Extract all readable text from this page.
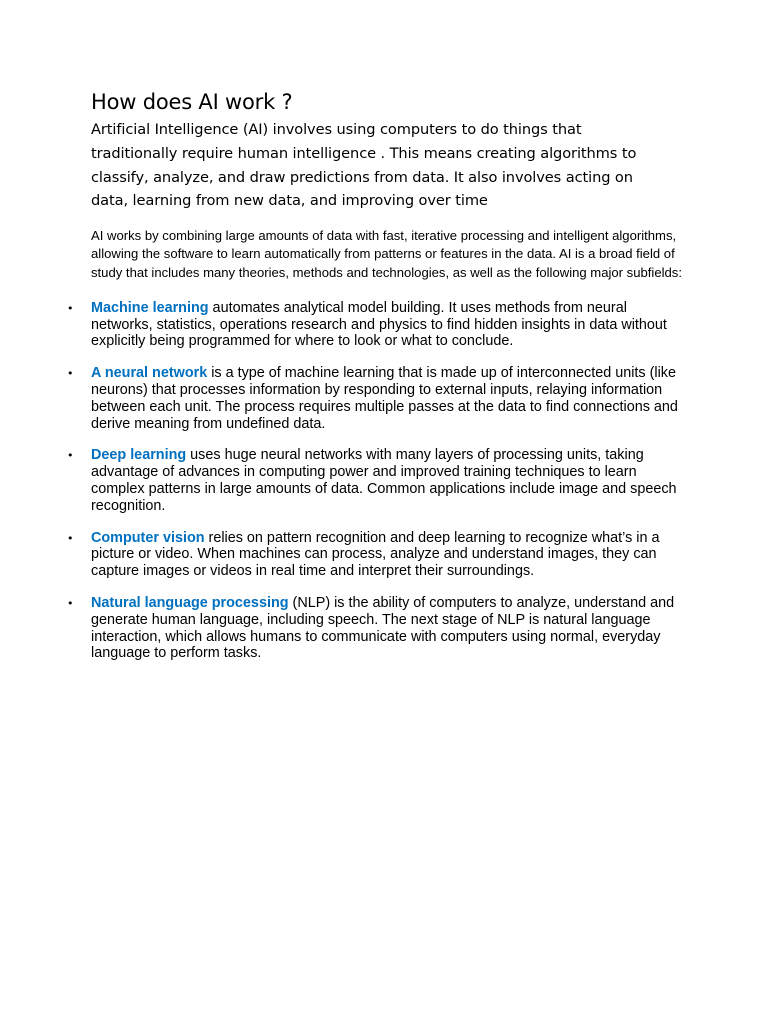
How does AI work ?

Artificial Intelligence (AI) involves using computers to do things that traditionally require human intelligence . This means creating algorithms to classify, analyze, and draw predictions from data. It also involves acting on data, learning from new data, and improving over time

AI works by combining large amounts of data with fast, iterative processing and intelligent algorithms, allowing the software to learn automatically from patterns or features in the data. AI is a broad field of study that includes many theories, methods and technologies, as well as the following major subfields:

• Machine learning automates analytical model building. It uses methods from neural networks, statistics, operations research and physics to find hidden insights in data without explicitly being programmed for where to look or what to conclude.
• A neural network is a type of machine learning that is made up of interconnected units (like neurons) that processes information by responding to external inputs, relaying information between each unit. The process requires multiple passes at the data to find connections and derive meaning from undefined data.
• Deep learning uses huge neural networks with many layers of processing units, taking advantage of advances in computing power and improved training techniques to learn complex patterns in large amounts of data. Common applications include image and speech recognition.
• Computer vision relies on pattern recognition and deep learning to recognize what’s in a picture or video. When machines can process, analyze and understand images, they can capture images or videos in real time and interpret their surroundings.
• Natural language processing (NLP) is the ability of computers to analyze, understand and generate human language, including speech. The next stage of NLP is natural language interaction, which allows humans to communicate with computers using normal, everyday language to perform tasks.
